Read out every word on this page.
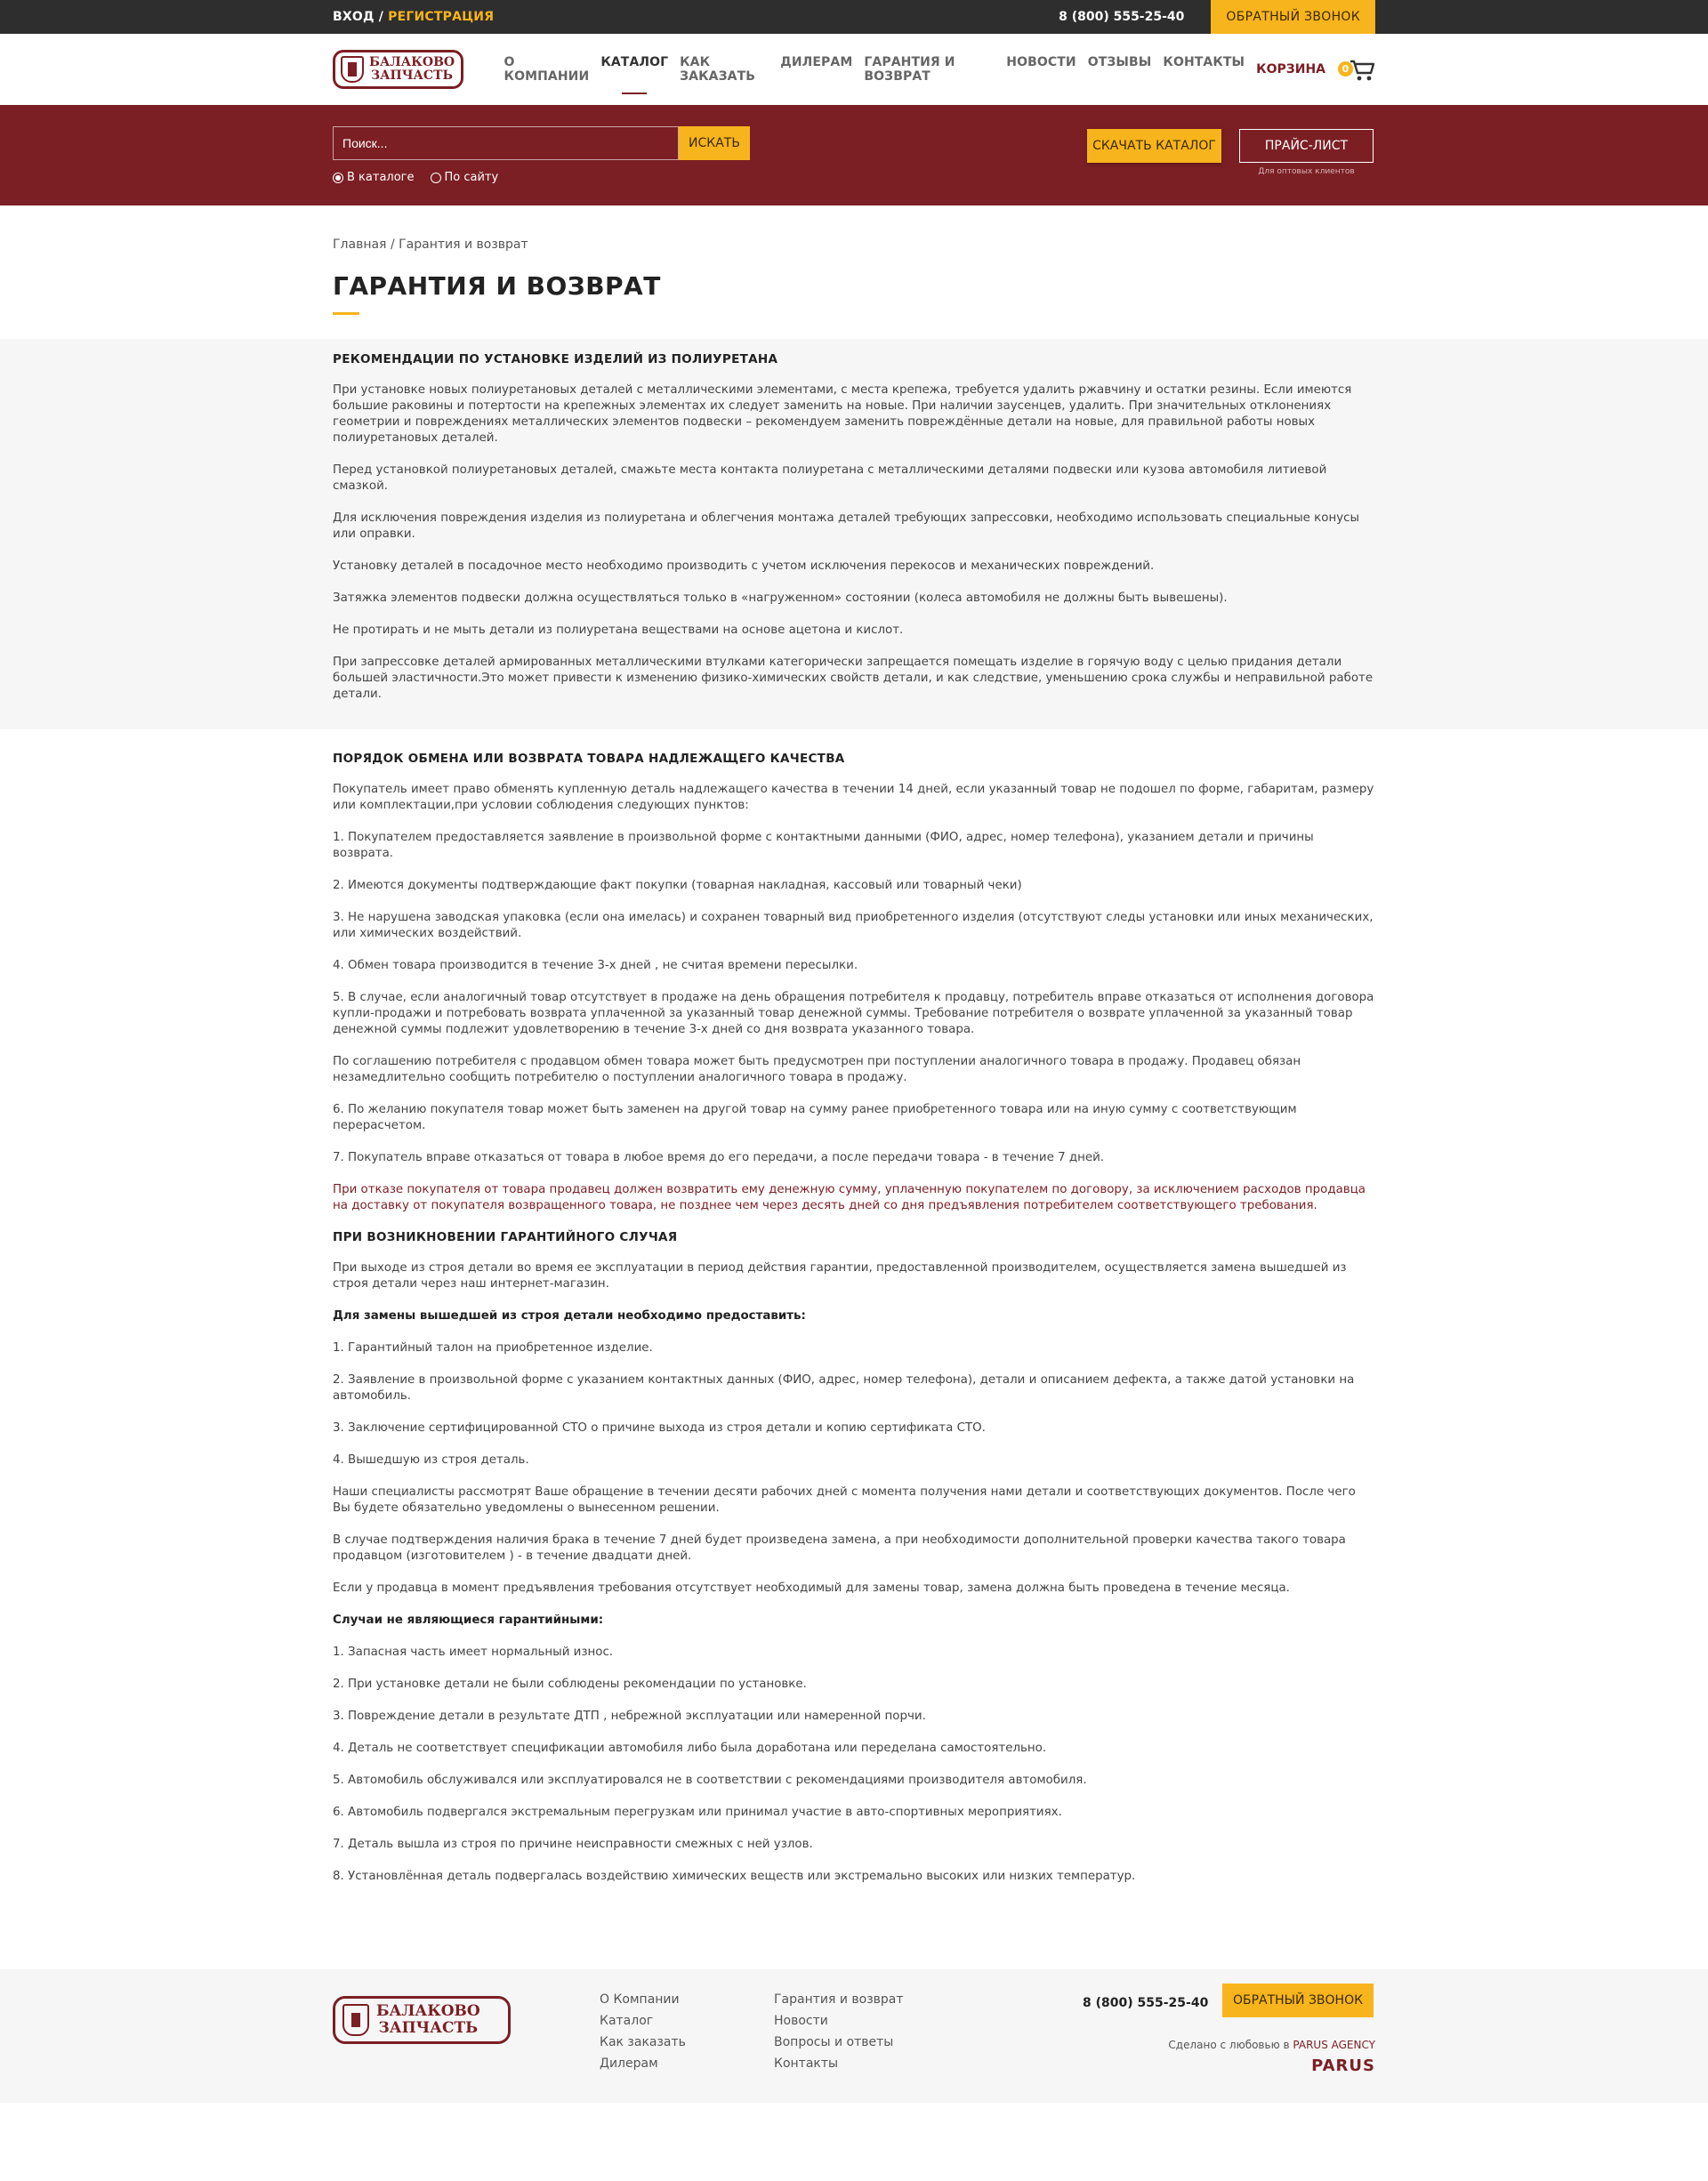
ВХОД / РЕГИСТРАЦИЯ	8 (800) 555-25-40	ОБРАТНЫЙ ЗВОНОК
БАЛАКОВО
ЗАПЧАСТЬ
О КОМПАНИИ
КАТАЛОГ КАК ЗАКАЗАТЬ
ДИЛЕРАМ ГАРАНТИЯ И ВОЗВРАТ
НОВОСТИ ОТЗЫВЫ КОНТАКТЫ КОРЗИНА	0
Поиск...
ИСКАТЬ
В каталоге	По сайту
СКАЧАТЬ КАТАЛОГ	ПРАЙС-ЛИСТ
Для оптовых клиентов
Главная / Гарантия и возврат
ГАРАНТИЯ И ВОЗВРАТ
РЕКОМЕНДАЦИИ ПО УСТАНОВКЕ ИЗДЕЛИЙ ИЗ ПОЛИУРЕТАНА

При установке новых полиуретановых деталей с металлическими элементами, с места крепежа, требуется удалить ржавчину и остатки резины. Если имеются большие раковины и потертости на крепежных элементах их следует заменить на новые. При наличии заусенцев, удалить. При значительных отклонениях геометрии и повреждениях металлических элементов подвески – рекомендуем заменить повреждённые детали на новые, для правильной работы новых полиуретановых деталей.

Перед установкой полиуретановых деталей, смажьте места контакта полиуретана с металлическими деталями подвески или кузова автомобиля литиевой смазкой.

Для исключения повреждения изделия из полиуретана и облегчения монтажа деталей требующих запрессовки, необходимо использовать специальные конусы или оправки.

Установку деталей в посадочное место необходимо производить с учетом исключения перекосов и механических повреждений.

Затяжка элементов подвески должна осуществляться только в «нагруженном» состоянии (колеса автомобиля не должны быть вывешены).

Не протирать и не мыть детали из полиуретана веществами на основе ацетона и кислот.

При запрессовке деталей армированных металлическими втулками категорически запрещается помещать изделие в горячую воду с целью придания детали большей эластичности.Это может привести к изменению физико-химических свойств детали, и как следствие, уменьшению срока службы и неправильной работе детали.

ПОРЯДОК ОБМЕНА ИЛИ ВОЗВРАТА ТОВАРА НАДЛЕЖАЩЕГО КАЧЕСТВА

Покупатель имеет право обменять купленную деталь надлежащего качества в течении 14 дней, если указанный товар не подошел по форме, габаритам, размеру или комплектации,при условии соблюдения следующих пунктов:

1. Покупателем предоставляется заявление в произвольной форме с контактными данными (ФИО, адрес, номер телефона), указанием детали и причины возврата.

2. Имеются документы подтверждающие факт покупки (товарная накладная, кассовый или товарный чеки)

3. Не нарушена заводская упаковка (если она имелась) и сохранен товарный вид приобретенного изделия (отсутствуют следы установки или иных механических, или химических воздействий.

4. Обмен товара производится в течение 3-х дней , не считая времени пересылки.

5. В случае, если аналогичный товар отсутствует в продаже на день обращения потребителя к продавцу, потребитель вправе отказаться от исполнения договора купли-продажи и потребовать возврата уплаченной за указанный товар денежной суммы. Требование потребителя о возврате уплаченной за указанный товар денежной суммы подлежит удовлетворению в течение 3-х дней со дня возврата указанного товара.

По соглашению потребителя с продавцом обмен товара может быть предусмотрен при поступлении аналогичного товара в продажу. Продавец обязан незамедлительно сообщить потребителю о поступлении аналогичного товара в продажу.

6. По желанию покупателя товар может быть заменен на другой товар на сумму ранее приобретенного товара или на иную сумму с соответствующим перерасчетом.

7. Покупатель вправе отказаться от товара в любое время до его передачи, а после передачи товара - в течение 7 дней.

При отказе покупателя от товара продавец должен возвратить ему денежную сумму, уплаченную покупателем по договору, за исключением расходов продавца на доставку от покупателя возвращенного товара, не позднее чем через десять дней со дня предъявления потребителем соответствующего требования.

ПРИ ВОЗНИКНОВЕНИИ ГАРАНТИЙНОГО СЛУЧАЯ

При выходе из строя детали во время ее эксплуатации в период действия гарантии, предоставленной производителем, осуществляется замена вышедшей из строя детали через наш интернет-магазин.

Для замены вышедшей из строя детали необходимо предоставить:

1. Гарантийный талон на приобретенное изделие.

2. Заявление в произвольной форме с указанием контактных данных (ФИО, адрес, номер телефона), детали и описанием дефекта, а также датой установки на автомобиль.

3. Заключение сертифицированной СТО о причине выхода из строя детали и копию сертификата СТО.

4. Вышедшую из строя деталь.

Наши специалисты рассмотрят Ваше обращение в течении десяти рабочих дней с момента получения нами детали и соответствующих документов. После чего Вы будете обязательно уведомлены о вынесенном решении.

В случае подтверждения наличия брака в течение 7 дней будет произведена замена, а при необходимости дополнительной проверки качества такого товара продавцом (изготовителем ) - в течение двадцати дней.

Если у продавца в момент предъявления требования отсутствует необходимый для замены товар, замена должна быть проведена в течение месяца.

Случаи не являющиеся гарантийными:

1. Запасная часть имеет нормальный износ.

2. При установке детали не были соблюдены рекомендации по установке.

3. Повреждение детали в результате ДТП , небрежной эксплуатации или намеренной порчи.

4. Деталь не соответствует спецификации автомобиля либо была доработана или переделана самостоятельно.

5. Автомобиль обслуживался или эксплуатировался не в соответствии с рекомендациями производителя автомобиля.

6. Автомобиль подвергался экстремальным перегрузкам или принимал участие в авто-спортивных мероприятиях.

7. Деталь вышла из строя по причине неисправности смежных с ней узлов.

8. Установлённая деталь подвергалась воздействию химических веществ или экстремально высоких или низких температур.

БАЛАКОВО
ЗАПЧАСТЬ
О Компании
Каталог
Как заказать
Дилерам
Гарантия и возврат
Новости
Вопросы и ответы
Контакты
8 (800) 555-25-40	ОБРАТНЫЙ ЗВОНОК
Сделано с любовью в PARUS AGENCY
PARUS
